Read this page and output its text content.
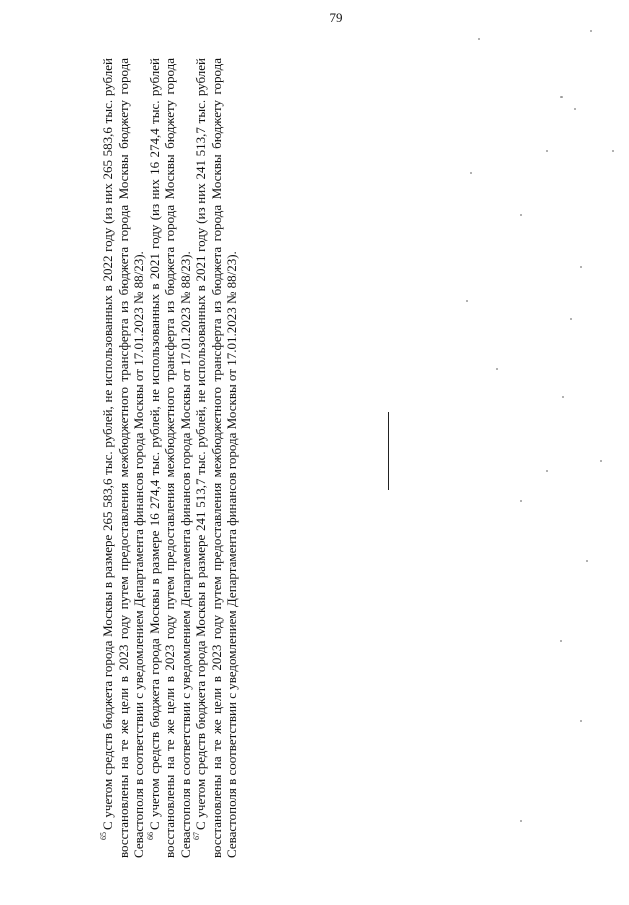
79

$^{65}$С учетом средств бюджета города Москвы в размере 265 583,6 тыс. рублей, не использованных в 2022 году (из них 265 583,6 тыс. рублей восстановлены на те же цели в 2023 году путем предоставления межбюджетного трансферта из бюджета города Москвы бюджету города Севастополя в соответствии с уведомлением Департамента финансов города Москвы от 17.01.2023 № 88/23). $^{66}$С учетом средств бюджета города Москвы в размере 16 274,4 тыс. рублей, не использованных в 2021 году (из них 16 274,4 тыс. рублей восстановлены на те же цели в 2023 году путем предоставления межбюджетного трансферта из бюджета города Москвы бюджету города Севастополя в соответствии с уведомлением Департамента финансов города Москвы от 17.01.2023 № 88/23). $^{67}$С учетом средств бюджета города Москвы в размере 241 513,7 тыс. рублей, не использованных в 2021 году (из них 241 513,7 тыс. рублей восстановлены на те же цели в 2023 году путем предоставления межбюджетного трансферта из бюджета города Москвы бюджету города Севастополя в соответствии с уведомлением Департамента финансов города Москвы от 17.01.2023 № 88/23).
